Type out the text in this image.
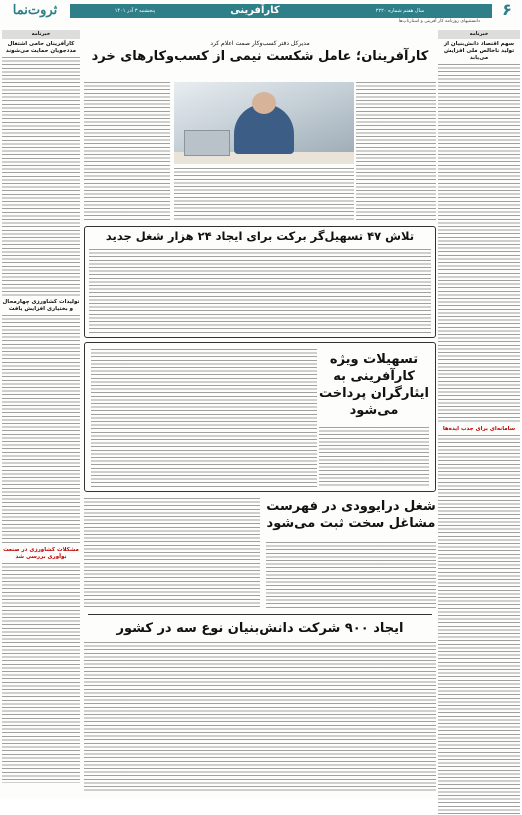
ثروت‌نما	پنجشنبه ۳ آذر ۱۴۰۱	کارآفرینی	سال هفتم شماره ۲۲۲۰
دانستنیهای روزنامه کار آفرینی و استارتاپ‌ها
۶
خبرنامه
سهم اقتصاد دانش‌بنیان از تولید ناخالص ملی افزایش می‌یابد
سامانه‌ای برای جذب ایده‌ها
خبرنامه
کارآفرینان حامی اشتغال مددجویان حمایت می‌شوند
تولیدات کشاورزی چهارمحال و بختیاری افزایش یافت
مشکلات کشاورزی در صنعت نوآوری بررسی شد
مدیرکل دفتر کسب‌وکار صمت اعلام کرد
کارآفرینان؛ عامل شکست نیمی از کسب‌وکارهای خرد
تلاش ۴۷ تسهیل‌گر برکت برای ایجاد ۲۴ هزار شغل جدید
تسهیلات ویژه کارآفرینی به ایثارگران پرداخت می‌شود
شغل درایوودی در فهرست مشاغل سخت ثبت می‌شود
ایجاد ۹۰۰ شرکت دانش‌بنیان نوع سه در کشور
